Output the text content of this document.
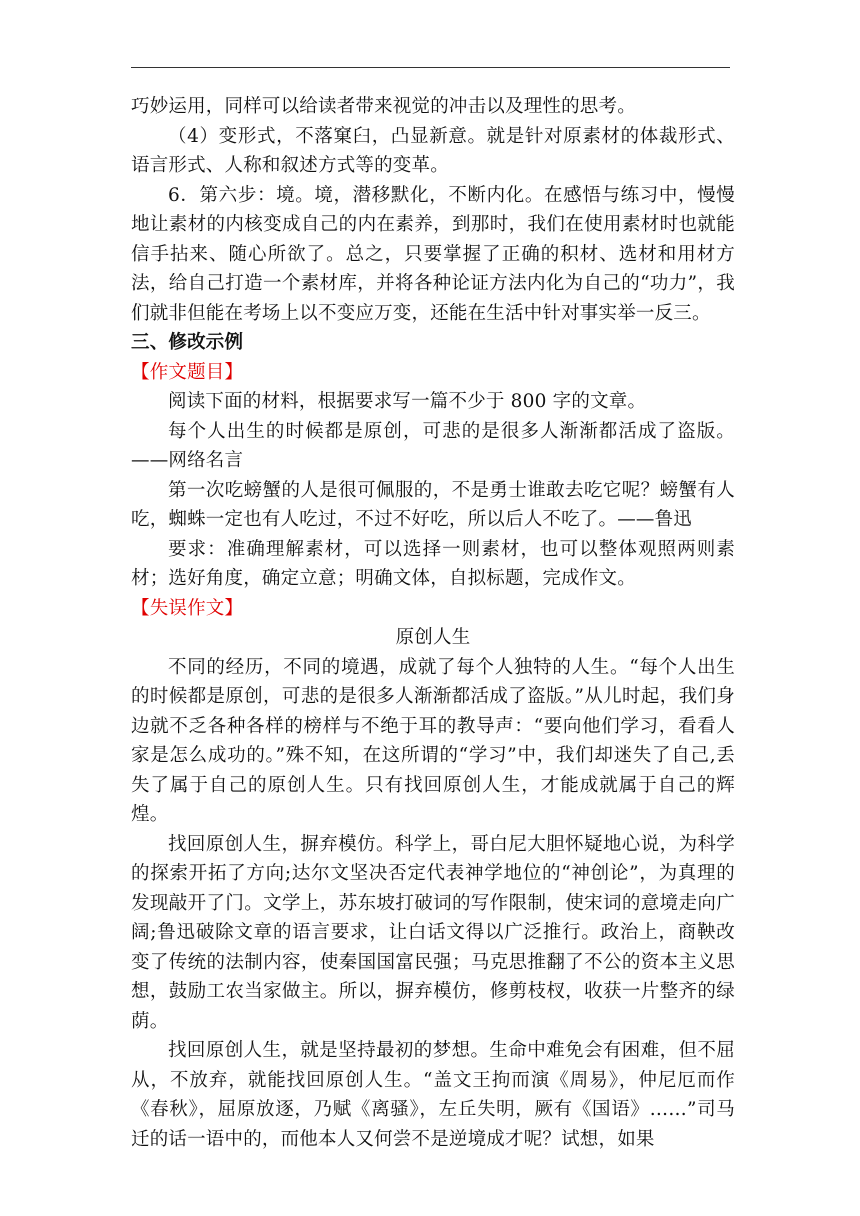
巧妙运用，同样可以给读者带来视觉的冲击以及理性的思考。

（4）变形式，不落窠臼，凸显新意。就是针对原素材的体裁形式、语言形式、人称和叙述方式等的变革。

6．第六步：境。境，潜移默化，不断内化。在感悟与练习中，慢慢地让素材的内核变成自己的内在素养，到那时，我们在使用素材时也就能信手拈来、随心所欲了。总之，只要掌握了正确的积材、选材和用材方法，给自己打造一个素材库，并将各种论证方法内化为自己的“功力”，我们就非但能在考场上以不变应万变，还能在生活中针对事实举一反三。

三、修改示例

【作文题目】

阅读下面的材料，根据要求写一篇不少于 800 字的文章。

每个人出生的时候都是原创，可悲的是很多人渐渐都活成了盗版。——网络名言

第一次吃螃蟹的人是很可佩服的，不是勇士谁敢去吃它呢？螃蟹有人吃，蜘蛛一定也有人吃过，不过不好吃，所以后人不吃了。——鲁迅

要求：准确理解素材，可以选择一则素材，也可以整体观照两则素材；选好角度，确定立意；明确文体，自拟标题，完成作文。

【失误作文】

原创人生

不同的经历，不同的境遇，成就了每个人独特的人生。“每个人出生的时候都是原创，可悲的是很多人渐渐都活成了盗版。”从儿时起，我们身边就不乏各种各样的榜样与不绝于耳的教导声：“要向他们学习，看看人家是怎么成功的。”殊不知，在这所谓的“学习”中，我们却迷失了自己,丢失了属于自己的原创人生。只有找回原创人生，才能成就属于自己的辉煌。

找回原创人生，摒弃模仿。科学上，哥白尼大胆怀疑地心说，为科学的探索开拓了方向;达尔文坚决否定代表神学地位的“神创论”，为真理的发现敲开了门。文学上，苏东坡打破词的写作限制，使宋词的意境走向广阔;鲁迅破除文章的语言要求，让白话文得以广泛推行。政治上，商鞅改变了传统的法制内容，使秦国国富民强；马克思推翻了不公的资本主义思想，鼓励工农当家做主。所以，摒弃模仿，修剪枝杈，收获一片整齐的绿荫。

找回原创人生，就是坚持最初的梦想。生命中难免会有困难，但不屈从，不放弃，就能找回原创人生。“盖文王拘而演《周易》，仲尼厄而作《春秋》，屈原放逐，乃赋《离骚》，左丘失明，厥有《国语》……”司马迁的话一语中的，而他本人又何尝不是逆境成才呢？试想，如果
